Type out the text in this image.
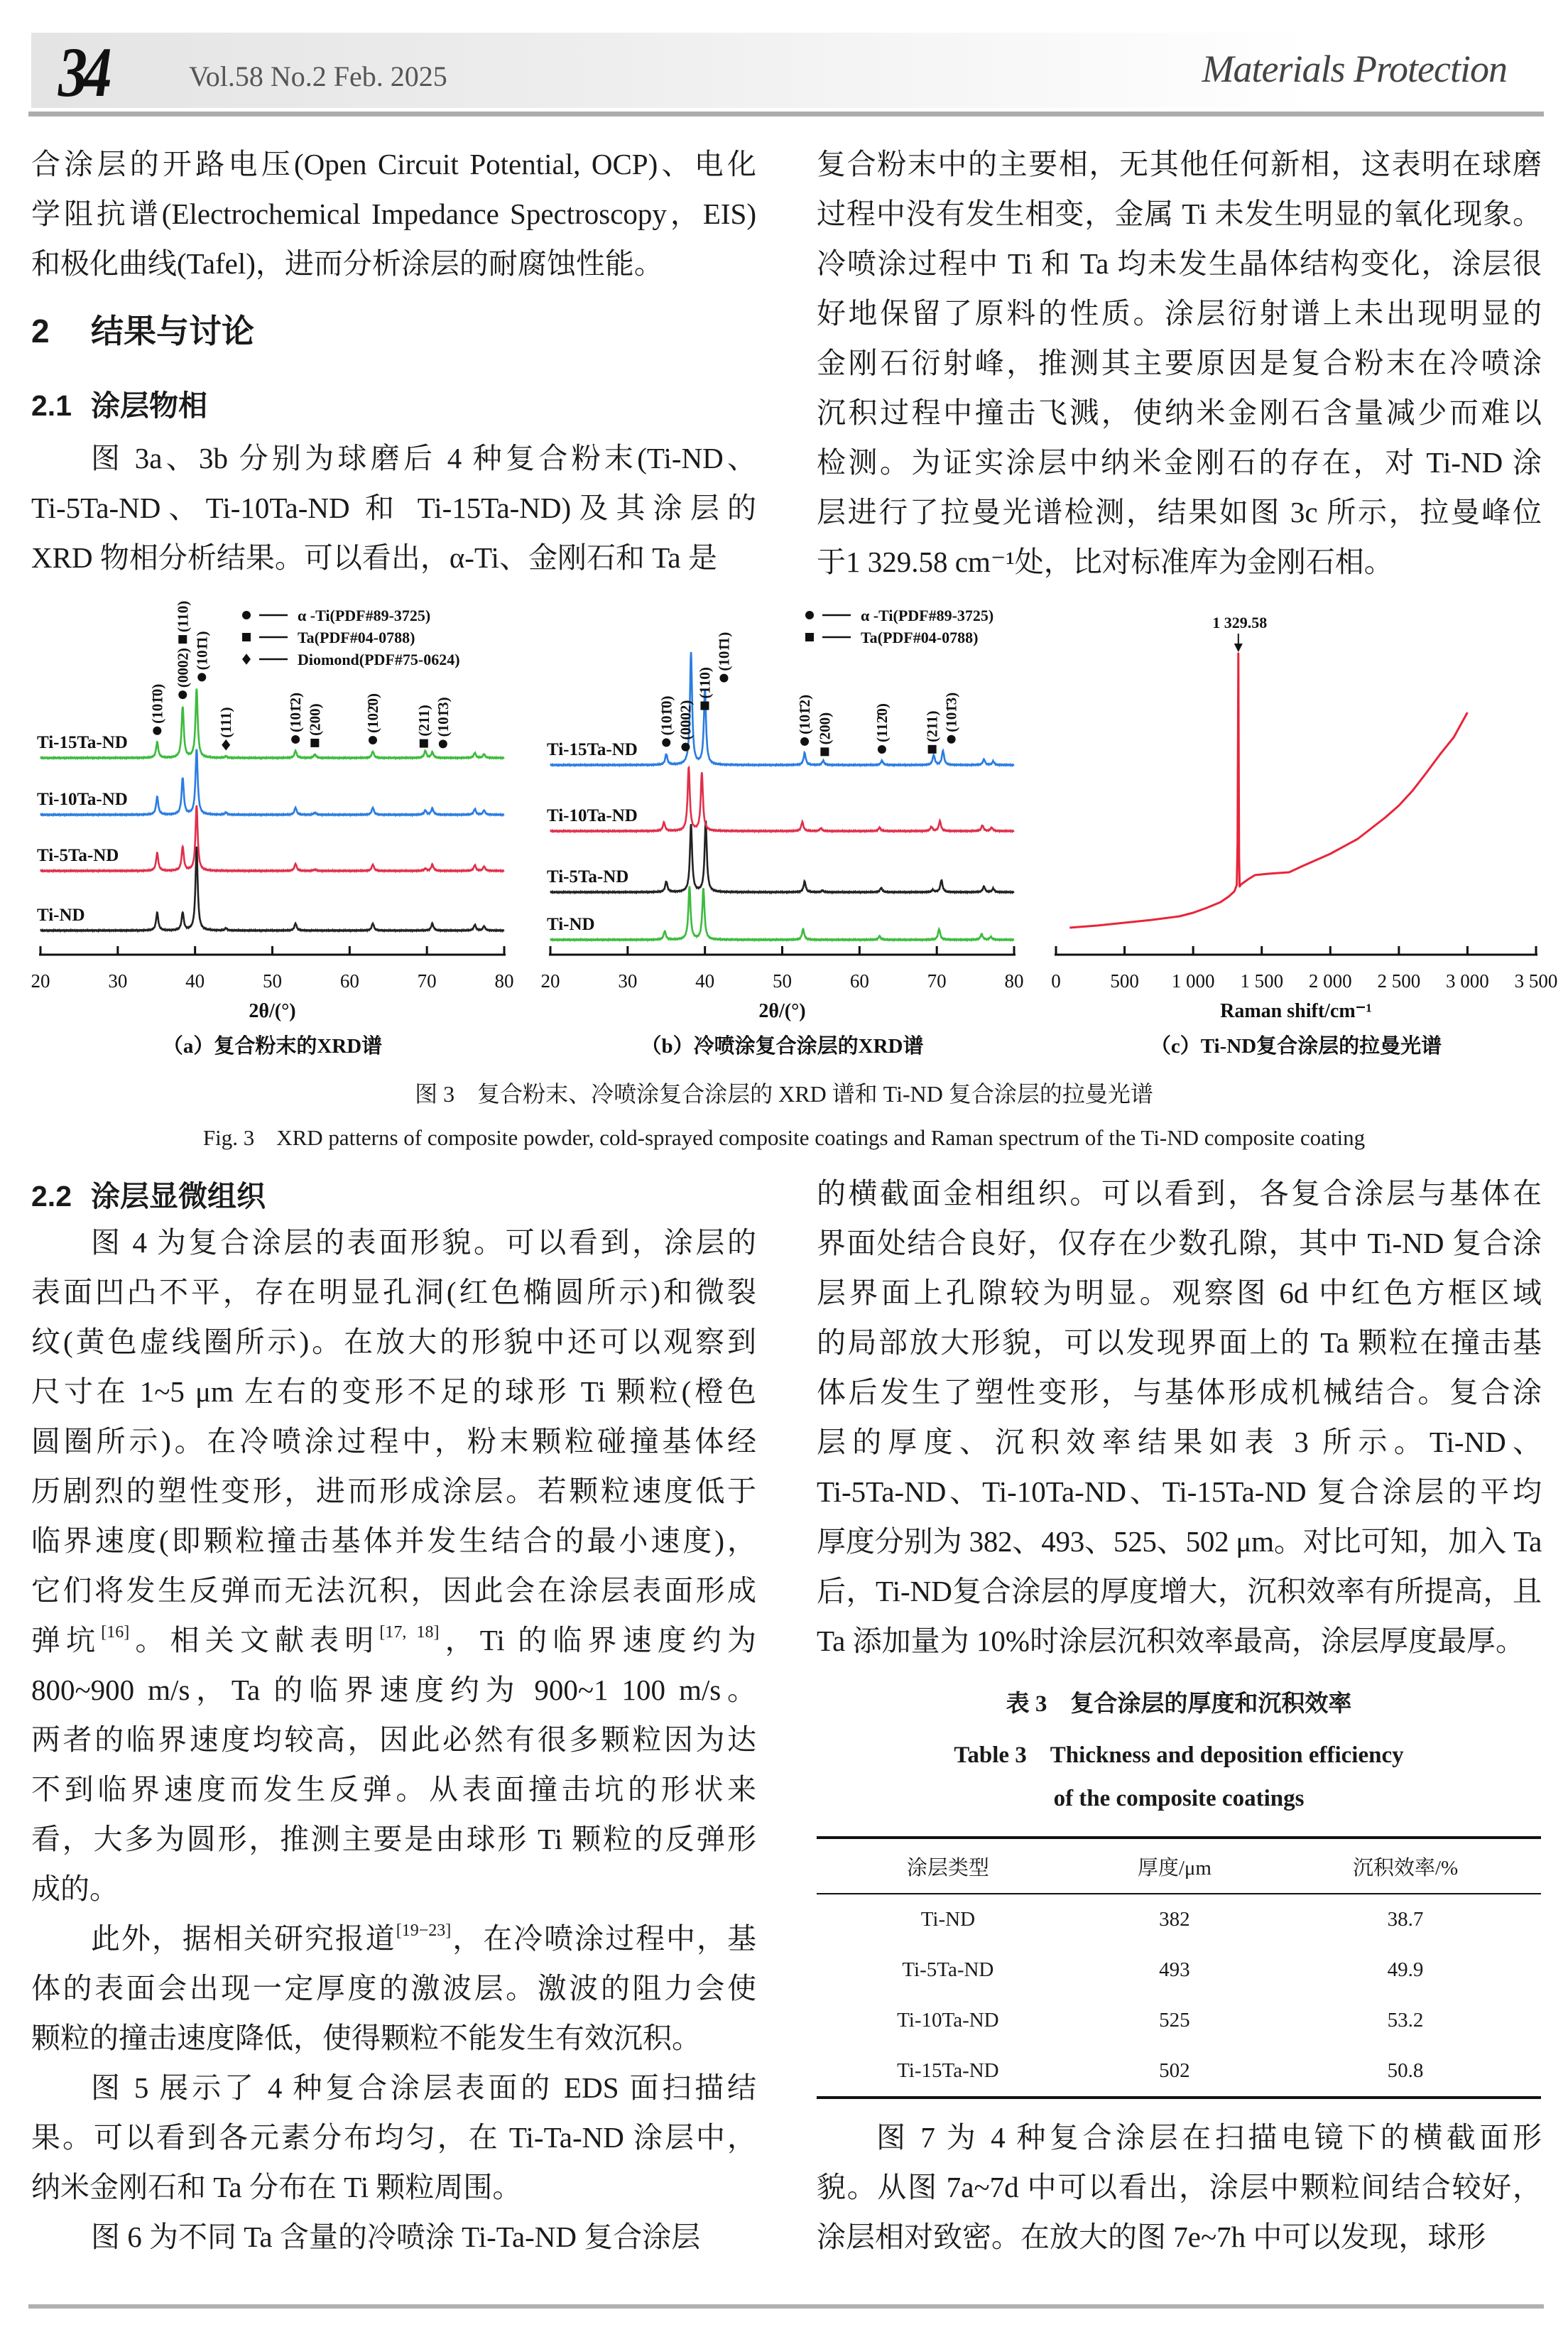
34	Vol.58 No.2 Feb. 2025	Materials Protection
合涂层的开路电压(Open Circuit Potential, OCP)、电化
学阻抗谱(Electrochemical Impedance Spectroscopy，EIS)
和极化曲线(Tafel)，进而分析涂层的耐腐蚀性能。
2 结果与讨论
2.1 涂层物相
图 3a、3b 分别为球磨后 4 种复合粉末(Ti-ND、
Ti-5Ta-ND、Ti-10Ta-ND 和 Ti-15Ta-ND)及其涂层的
XRD 物相分析结果。可以看出，α-Ti、金刚石和 Ta 是
复合粉末中的主要相，无其他任何新相，这表明在球磨
过程中没有发生相变，金属 Ti 未发生明显的氧化现象。
冷喷涂过程中 Ti 和 Ta 均未发生晶体结构变化，涂层很
好地保留了原料的性质。涂层衍射谱上未出现明显的
金刚石衍射峰，推测其主要原因是复合粉末在冷喷涂
沉积过程中撞击飞溅，使纳米金刚石含量减少而难以
检测。为证实涂层中纳米金刚石的存在，对 Ti-ND 涂
层进行了拉曼光谱检测，结果如图 3c 所示，拉曼峰位
于1 329.58 cm⁻¹处，比对标准库为金刚石相。
20	30	40	50	60	70	80
2θ/(°)
（a）复合粉末的XRD谱
Ti-ND
Ti-5Ta-ND
Ti-10Ta-ND
Ti-15Ta-ND
(101̄0)
(0002)
(110)
(101̄1)
(111)	(101̄2) (200)	(102̄0) (211) (101̄3)
α -Ti(PDF#89-3725)
Ta(PDF#04-0788)
Diomond(PDF#75-0624)
20	30	40	50	60	70	80
2θ/(°)
（b）冷喷涂复合涂层的XRD谱
Ti-ND
Ti-5Ta-ND
Ti-10Ta-ND
Ti-15Ta-ND
(101̄0) (0002)
(110)
(101̄1)
(101̄2) (200)	(112̄0) (211) (101̄3)
α -Ti(PDF#89-3725)
Ta(PDF#04-0788)
0	500 1 000 1 500 2 000 2 500 3 000 3 500
Raman shift/cm⁻¹
（c）Ti-ND复合涂层的拉曼光谱
1 329.58
图 3　复合粉末、冷喷涂复合涂层的 XRD 谱和 Ti-ND 复合涂层的拉曼光谱
Fig. 3　XRD patterns of composite powder, cold-sprayed composite coatings and Raman spectrum of the Ti-ND composite coating
2.2 涂层显微组织
图 4 为复合涂层的表面形貌。可以看到，涂层的
表面凹凸不平，存在明显孔洞(红色椭圆所示)和微裂
纹(黄色虚线圈所示)。在放大的形貌中还可以观察到
尺寸在 1~5 μm 左右的变形不足的球形 Ti 颗粒(橙色
圆圈所示)。在冷喷涂过程中，粉末颗粒碰撞基体经
历剧烈的塑性变形，进而形成涂层。若颗粒速度低于
临界速度(即颗粒撞击基体并发生结合的最小速度)，
它们将发生反弹而无法沉积，因此会在涂层表面形成
弹坑[16]。相关文献表明[17, 18]，Ti 的临界速度约为
800~900 m/s，Ta 的临界速度约为 900~1 100 m/s。
两者的临界速度均较高，因此必然有很多颗粒因为达
不到临界速度而发生反弹。从表面撞击坑的形状来
看，大多为圆形，推测主要是由球形 Ti 颗粒的反弹形
成的。
此外，据相关研究报道[19−23]，在冷喷涂过程中，基
体的表面会出现一定厚度的激波层。激波的阻力会使
颗粒的撞击速度降低，使得颗粒不能发生有效沉积。
图 5 展示了 4 种复合涂层表面的 EDS 面扫描结
果。可以看到各元素分布均匀，在 Ti-Ta-ND 涂层中，
纳米金刚石和 Ta 分布在 Ti 颗粒周围。
图 6 为不同 Ta 含量的冷喷涂 Ti-Ta-ND 复合涂层
的横截面金相组织。可以看到，各复合涂层与基体在
界面处结合良好，仅存在少数孔隙，其中 Ti-ND 复合涂
层界面上孔隙较为明显。观察图 6d 中红色方框区域
的局部放大形貌，可以发现界面上的 Ta 颗粒在撞击基
体后发生了塑性变形，与基体形成机械结合。复合涂
层的厚度、沉积效率结果如表 3 所示。Ti-ND、
Ti-5Ta-ND、Ti-10Ta-ND、Ti-15Ta-ND 复合涂层的平均
厚度分别为 382、493、525、502 μm。对比可知，加入 Ta
后，Ti-ND复合涂层的厚度增大，沉积效率有所提高，且
Ta 添加量为 10%时涂层沉积效率最高，涂层厚度最厚。
表 3　复合涂层的厚度和沉积效率
Table 3　Thickness and deposition efficiency
of the composite coatings
涂层类型	厚度/μm	沉积效率/%
Ti-ND	382	38.7
Ti-5Ta-ND	493	49.9
Ti-10Ta-ND	525	53.2
Ti-15Ta-ND	502	50.8
图 7 为 4 种复合涂层在扫描电镜下的横截面形
貌。从图 7a~7d 中可以看出，涂层中颗粒间结合较好，
涂层相对致密。在放大的图 7e~7h 中可以发现，球形
